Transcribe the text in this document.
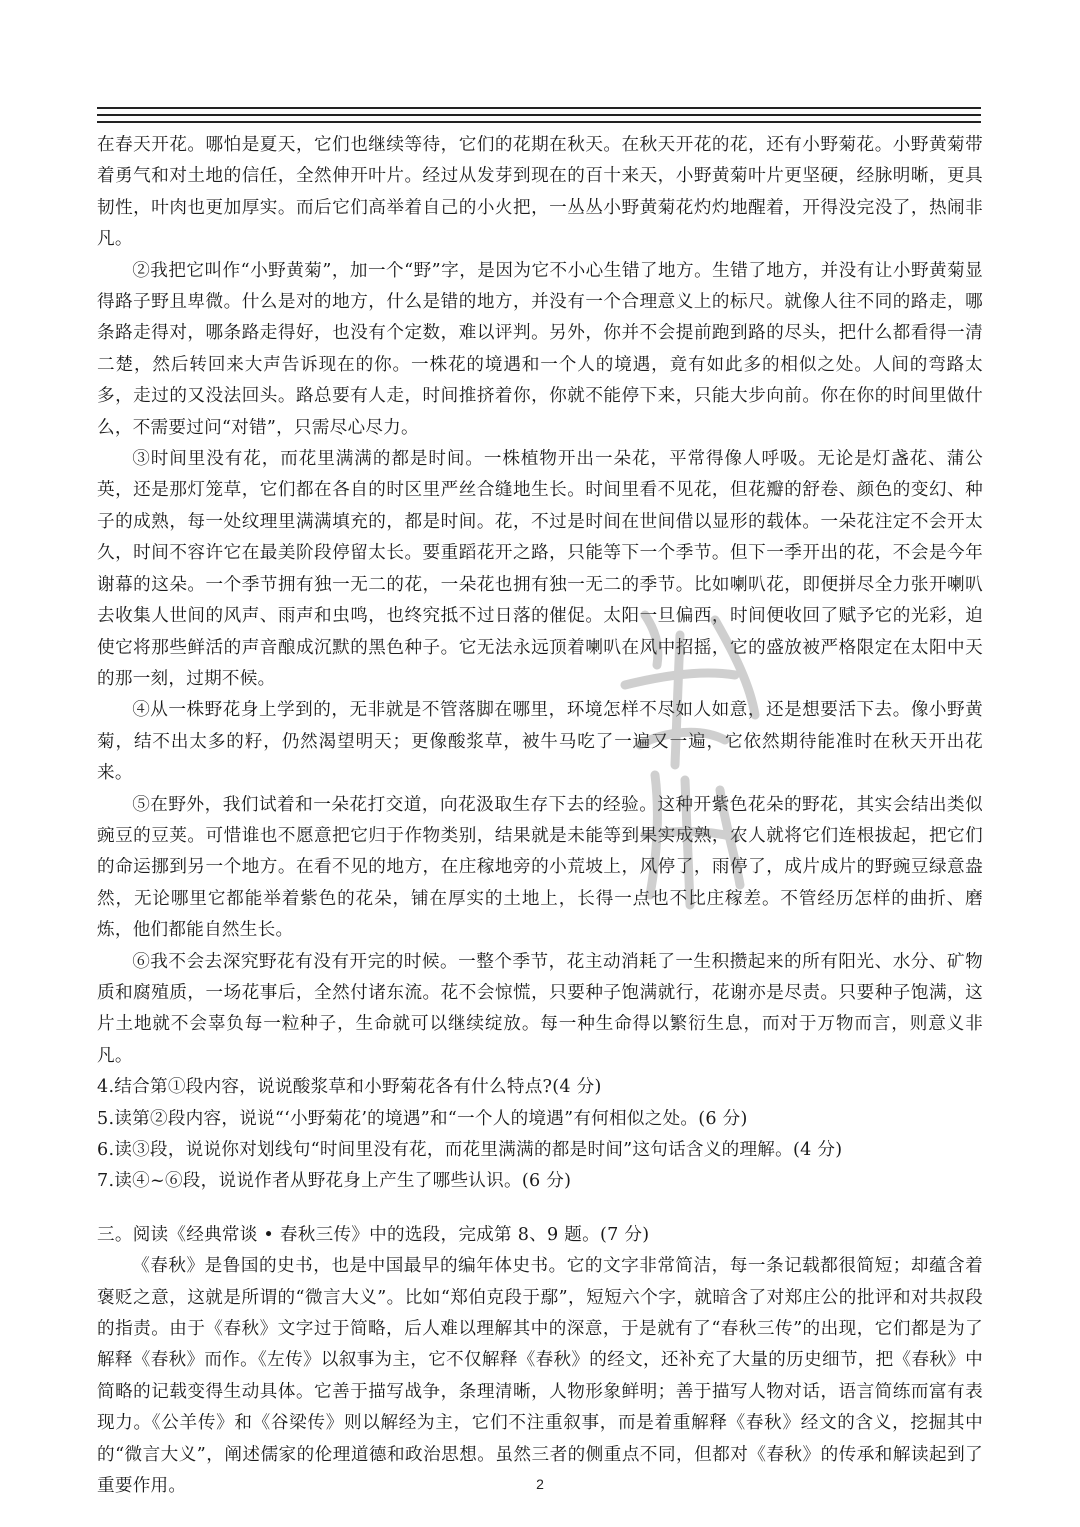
在春天开花。哪怕是夏天，它们也继续等待，它们的花期在秋天。在秋天开花的花，还有小野菊花。小野黄菊带着勇气和对土地的信任，全然伸开叶片。经过从发芽到现在的百十来天，小野黄菊叶片更坚硬，经脉明晰，更具韧性，叶肉也更加厚实。而后它们高举着自己的小火把，一丛丛小野黄菊花灼灼地醒着，开得没完没了，热闹非凡。

②我把它叫作“小野黄菊”，加一个“野”字，是因为它不小心生错了地方。生错了地方，并没有让小野黄菊显得路子野且卑微。什么是对的地方，什么是错的地方，并没有一个合理意义上的标尺。就像人往不同的路走，哪条路走得对，哪条路走得好，也没有个定数，难以评判。另外，你并不会提前跑到路的尽头，把什么都看得一清二楚，然后转回来大声告诉现在的你。一株花的境遇和一个人的境遇，竟有如此多的相似之处。人间的弯路太多，走过的又没法回头。路总要有人走，时间推挤着你，你就不能停下来，只能大步向前。你在你的时间里做什么，不需要过问“对错”，只需尽心尽力。

③时间里没有花，而花里满满的都是时间。一株植物开出一朵花，平常得像人呼吸。无论是灯盏花、蒲公英，还是那灯笼草，它们都在各自的时区里严丝合缝地生长。时间里看不见花，但花瓣的舒卷、颜色的变幻、种子的成熟，每一处纹理里满满填充的，都是时间。花，不过是时间在世间借以显形的载体。一朵花注定不会开太久，时间不容许它在最美阶段停留太长。要重蹈花开之路，只能等下一个季节。但下一季开出的花，不会是今年谢幕的这朵。一个季节拥有独一无二的花，一朵花也拥有独一无二的季节。比如喇叭花，即便拼尽全力张开喇叭去收集人世间的风声、雨声和虫鸣，也终究抵不过日落的催促。太阳一旦偏西，时间便收回了赋予它的光彩，迫使它将那些鲜活的声音酿成沉默的黑色种子。它无法永远顶着喇叭在风中招摇，它的盛放被严格限定在太阳中天的那一刻，过期不候。

④从一株野花身上学到的，无非就是不管落脚在哪里，环境怎样不尽如人如意，还是想要活下去。像小野黄菊，结不出太多的籽，仍然渴望明天；更像酸浆草，被牛马吃了一遍又一遍，它依然期待能准时在秋天开出花来。

⑤在野外，我们试着和一朵花打交道，向花汲取生存下去的经验。这种开紫色花朵的野花，其实会结出类似豌豆的豆荚。可惜谁也不愿意把它归于作物类别，结果就是未能等到果实成熟，农人就将它们连根拔起，把它们的命运挪到另一个地方。在看不见的地方，在庄稼地旁的小荒坡上，风停了，雨停了，成片成片的野豌豆绿意盎然，无论哪里它都能举着紫色的花朵，铺在厚实的土地上，长得一点也不比庄稼差。不管经历怎样的曲折、磨炼，他们都能自然生长。

⑥我不会去深究野花有没有开完的时候。一整个季节，花主动消耗了一生积攒起来的所有阳光、水分、矿物质和腐殖质，一场花事后，全然付诸东流。花不会惊慌，只要种子饱满就行，花谢亦是尽责。只要种子饱满，这片土地就不会辜负每一粒种子，生命就可以继续绽放。每一种生命得以繁衍生息，而对于万物而言，则意义非凡。

4.结合第①段内容，说说酸浆草和小野菊花各有什么特点?(4 分)

5.读第②段内容，说说“‘小野菊花’的境遇”和“一个人的境遇”有何相似之处。(6 分)

6.读③段，说说你对划线句“时间里没有花，而花里满满的都是时间”这句话含义的理解。(4 分)

7.读④~⑥段，说说作者从野花身上产生了哪些认识。(6 分)

三。阅读《经典常谈 • 春秋三传》中的选段，完成第 8、9 题。(7 分)

《春秋》是鲁国的史书，也是中国最早的编年体史书。它的文字非常简洁，每一条记载都很简短；却蕴含着褒贬之意，这就是所谓的“微言大义”。比如“郑伯克段于鄢”，短短六个字，就暗含了对郑庄公的批评和对共叔段的指责。由于《春秋》文字过于简略，后人难以理解其中的深意，于是就有了“春秋三传”的出现，它们都是为了解释《春秋》而作。《左传》以叙事为主，它不仅解释《春秋》的经文，还补充了大量的历史细节，把《春秋》中简略的记载变得生动具体。它善于描写战争，条理清晰，人物形象鲜明；善于描写人物对话，语言简练而富有表现力。《公羊传》和《谷梁传》则以解经为主，它们不注重叙事，而是着重解释《春秋》经文的含义，挖掘其中的“微言大义”，阐述儒家的伦理道德和政治思想。虽然三者的侧重点不同，但都对《春秋》的传承和解读起到了重要作用。	2
